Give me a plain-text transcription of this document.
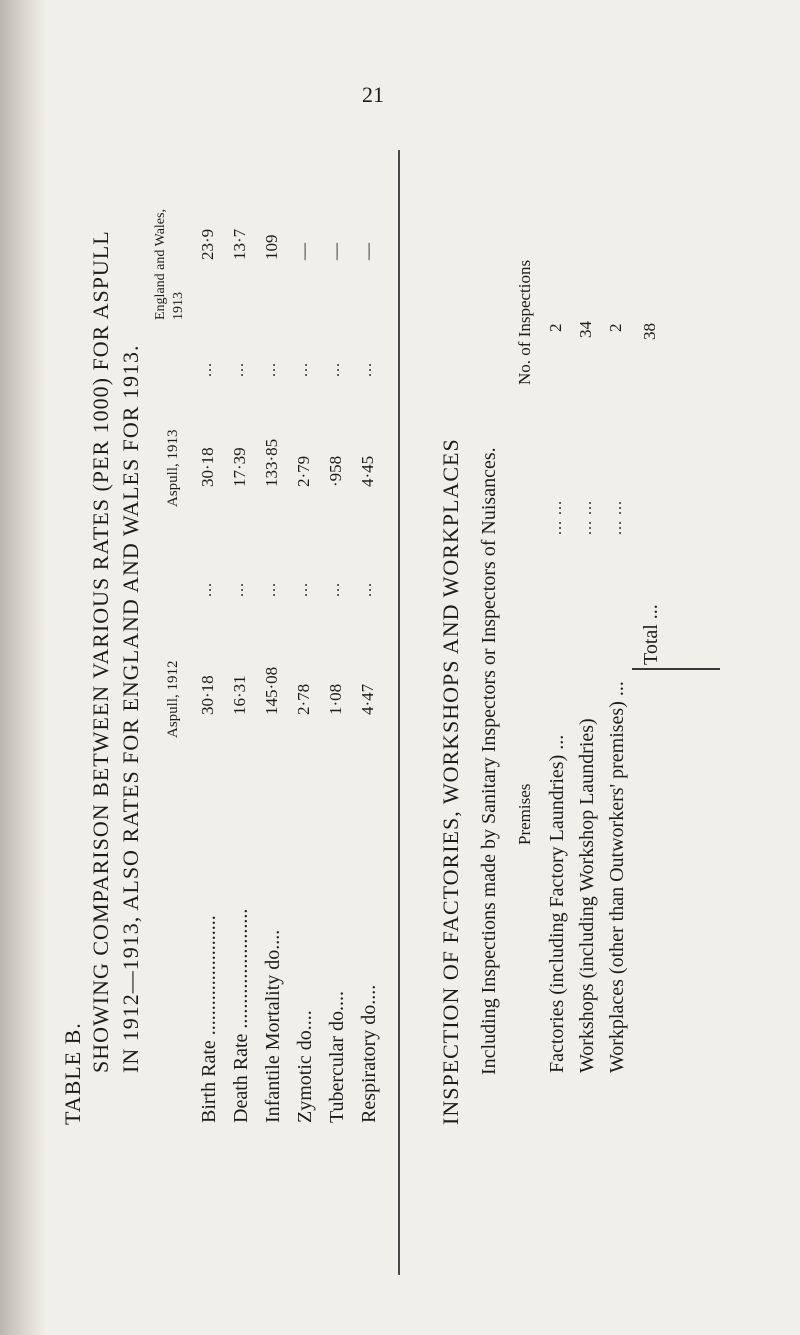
21
TABLE B.
SHOWING COMPARISON BETWEEN VARIOUS RATES (PER 1000) FOR ASPULL IN 1912—1913, ALSO RATES FOR ENGLAND AND WALES FOR 1913. Aspull, 1912
Aspull, 1913
England and Wales, 1913
Birth Rate ........................
30·18
...
30·18
...
23·9
Death Rate ........................
16·31
...
17·39
...
13·7
Infantile Mortality do....
145·08
...
133·85
...
109
Zymotic do....
2·78
...
2·79
...
—
Tubercular do....
1·08
...
·958
...
—
Respiratory do....
4·47
...
4·45
...
—
INSPECTION OF FACTORIES, WORKSHOPS AND WORKPLACES Including Inspections made by Sanitary Inspectors or Inspectors of Nuisances. Premises
No. of Inspections
Factories (including Factory Laundries) ...
... ...
2
Workshops (including Workshop Laundries)
... ...
34
Workplaces (other than Outworkers' premises) ...
... ...
2
Total ...
38
